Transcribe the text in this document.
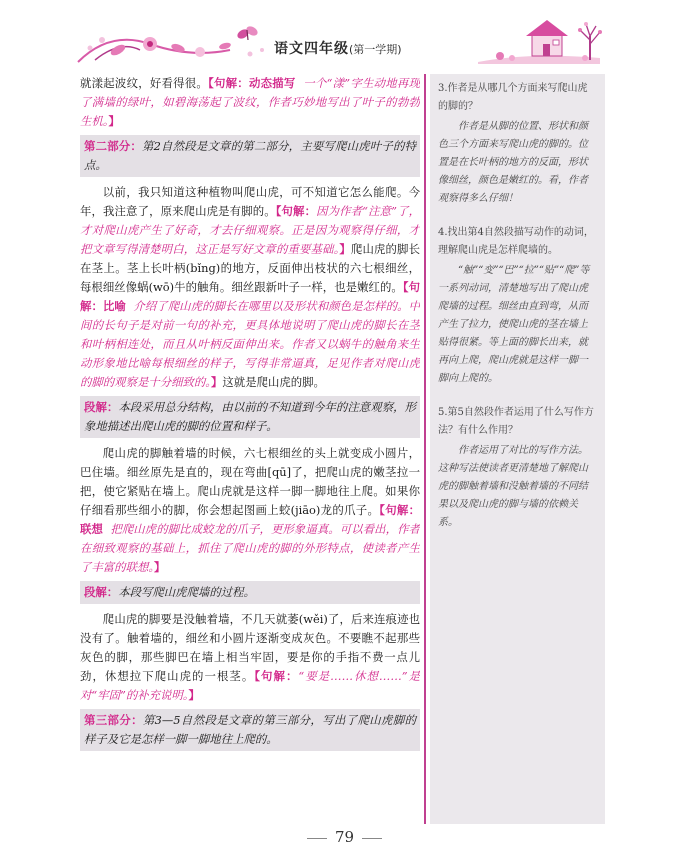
语文四年级(第一学期)

就漾起波纹，好看得很。【句解：动态描写 一个“漾”字生动地再现了满墙的绿叶，如碧海荡起了波纹，作者巧妙地写出了叶子的勃勃生机。】

第二部分：第2自然段是文章的第二部分，主要写爬山虎叶子的特点。

以前，我只知道这种植物叫爬山虎，可不知道它怎么能爬。今年，我注意了，原来爬山虎是有脚的。【句解：因为作者“注意”了，才对爬山虎产生了好奇，才去仔细观察。正是因为观察得仔细，才把文章写得清楚明白，这正是写好文章的重要基础。】爬山虎的脚长在茎上。茎上长叶柄(bǐng)的地方，反面伸出枝状的六七根细丝，每根细丝像蜗(wō)牛的触角。细丝跟新叶子一样，也是嫩红的。【句解：比喻 介绍了爬山虎的脚长在哪里以及形状和颜色是怎样的。中间的长句子是对前一句的补充，更具体地说明了爬山虎的脚长在茎和叶柄相连处，而且从叶柄反面伸出来。作者又以蜗牛的触角来生动形象地比喻每根细丝的样子，写得非常逼真，足见作者对爬山虎的脚的观察是十分细致的。】这就是爬山虎的脚。

段解：本段采用总分结构，由以前的不知道到今年的注意观察，形象地描述出爬山虎的脚的位置和样子。

爬山虎的脚触着墙的时候，六七根细丝的头上就变成小圆片，巴住墙。细丝原先是直的，现在弯曲[qū]了，把爬山虎的嫩茎拉一把，使它紧贴在墙上。爬山虎就是这样一脚一脚地往上爬。如果你仔细看那些细小的脚，你会想起图画上蛟(jiāo)龙的爪子。【句解：联想 把爬山虎的脚比成蛟龙的爪子，更形象逼真。可以看出，作者在细致观察的基础上，抓住了爬山虎的脚的外形特点，使读者产生了丰富的联想。】

段解：本段写爬山虎爬墙的过程。

爬山虎的脚要是没触着墙，不几天就萎(wěi)了，后来连痕迹也没有了。触着墙的，细丝和小圆片逐渐变成灰色。不要瞧不起那些灰色的脚，那些脚巴在墙上相当牢固，要是你的手指不费一点儿劲，休想拉下爬山虎的一根茎。【句解：“要是……休想……”是对“牢固”的补充说明。】

第三部分：第3—5自然段是文章的第三部分，写出了爬山虎脚的样子及它是怎样一脚一脚地往上爬的。

3.作者是从哪几个方面来写爬山虎的脚的？

作者是从脚的位置、形状和颜色三个方面来写爬山虎的脚的。位置是在长叶柄的地方的反面，形状像细丝，颜色是嫩红的。看，作者观察得多么仔细！

4.找出第4自然段描写动作的动词，理解爬山虎是怎样爬墙的。

“触”“变”“巴”“拉”“贴”“爬”等一系列动词，清楚地写出了爬山虎爬墙的过程。细丝由直到弯，从而产生了拉力，使爬山虎的茎在墙上贴得很紧。等上面的脚长出来，就再向上爬，爬山虎就是这样一脚一脚向上爬的。

5.第5自然段作者运用了什么写作方法？有什么作用？

作者运用了对比的写作方法。这种写法使读者更清楚地了解爬山虎的脚触着墙和没触着墙的不同结果以及爬山虎的脚与墙的依赖关系。

79
